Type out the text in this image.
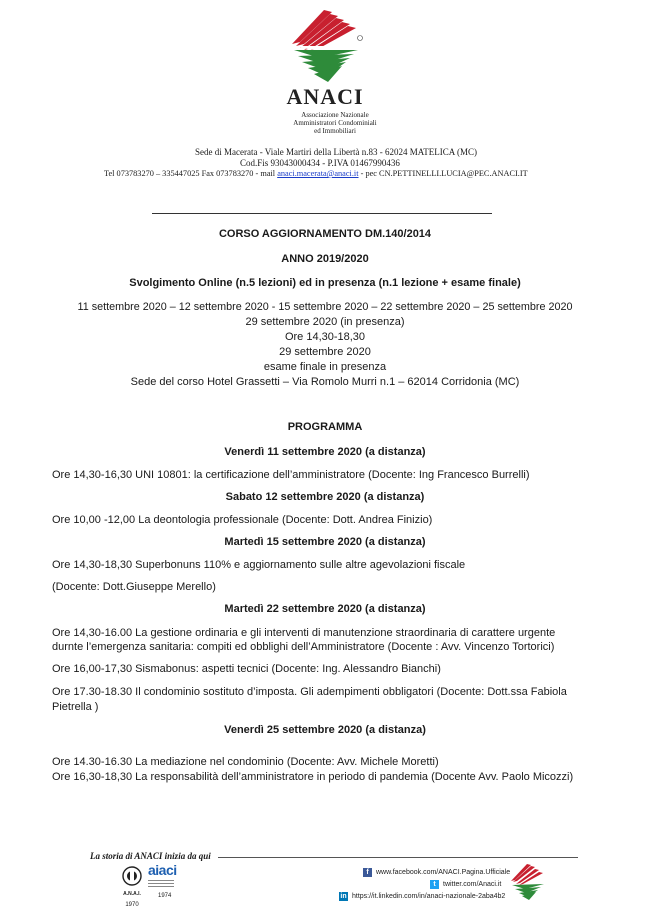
ANACI
Associazione Nazionale
Amministratori Condominiali
ed Immobiliari
Sede di Macerata - Viale Martiri della Libertà n.83 - 62024 MATELICA (MC)
Cod.Fis 93043000434 - P.IVA 01467990436
Tel 073783270 – 335447025 Fax 073783270 - mail anaci.macerata@anaci.it - pec CN.PETTINELLI.LUCIA@PEC.ANACI.IT
CORSO AGGIORNAMENTO DM.140/2014
ANNO 2019/2020
Svolgimento Online (n.5 lezioni) ed in presenza (n.1 lezione + esame finale)
11 settembre 2020 – 12 settembre 2020 - 15 settembre 2020 – 22 settembre 2020 – 25 settembre 2020
29 settembre 2020 (in presenza)
Ore 14,30-18,30
29 settembre 2020
esame finale in presenza
Sede del corso Hotel Grassetti – Via Romolo Murri n.1 – 62014 Corridonia (MC)
PROGRAMMA
Venerdì 11 settembre 2020 (a distanza)
Ore 14,30-16,30 UNI 10801: la certificazione dell’amministratore (Docente: Ing Francesco Burrelli)
Sabato 12 settembre 2020 (a distanza)
Ore 10,00 -12,00 La deontologia professionale (Docente: Dott. Andrea Finizio)
Martedì 15 settembre 2020 (a distanza)
Ore 14,30-18,30 Superbonuns 110% e aggiornamento sulle altre agevolazioni fiscale
(Docente: Dott.Giuseppe Merello)
Martedì 22 settembre 2020 (a distanza)
Ore 14,30-16.00 La gestione ordinaria e gli interventi di manutenzione straordinaria di carattere urgente
durnte l’emergenza sanitaria: compiti ed obblighi dell’Amministratore (Docente : Avv. Vincenzo Tortorici)
Ore 16,00-17,30 Sismabonus: aspetti tecnici (Docente: Ing. Alessandro Bianchi)
Ore 17.30-18.30 Il condominio sostituto d’imposta. Gli adempimenti obbligatori (Docente: Dott.ssa Fabiola
Pietrella )
Venerdì 25 settembre 2020 (a distanza)
Ore 14.30-16.30 La mediazione nel condominio (Docente: Avv. Michele Moretti)
Ore 16,30-18,30 La responsabilità dell’amministratore in periodo di pandemia (Docente Avv. Paolo Micozzi)
La storia di ANACI inizia da qui
A.N.A.I.
1970
aiaci
1974
f	www.facebook.com/ANACI.Pagina.Ufficiale
t	twitter.com/Anaci.it
in https://it.linkedin.com/in/anaci-nazionale-2aba4b2
